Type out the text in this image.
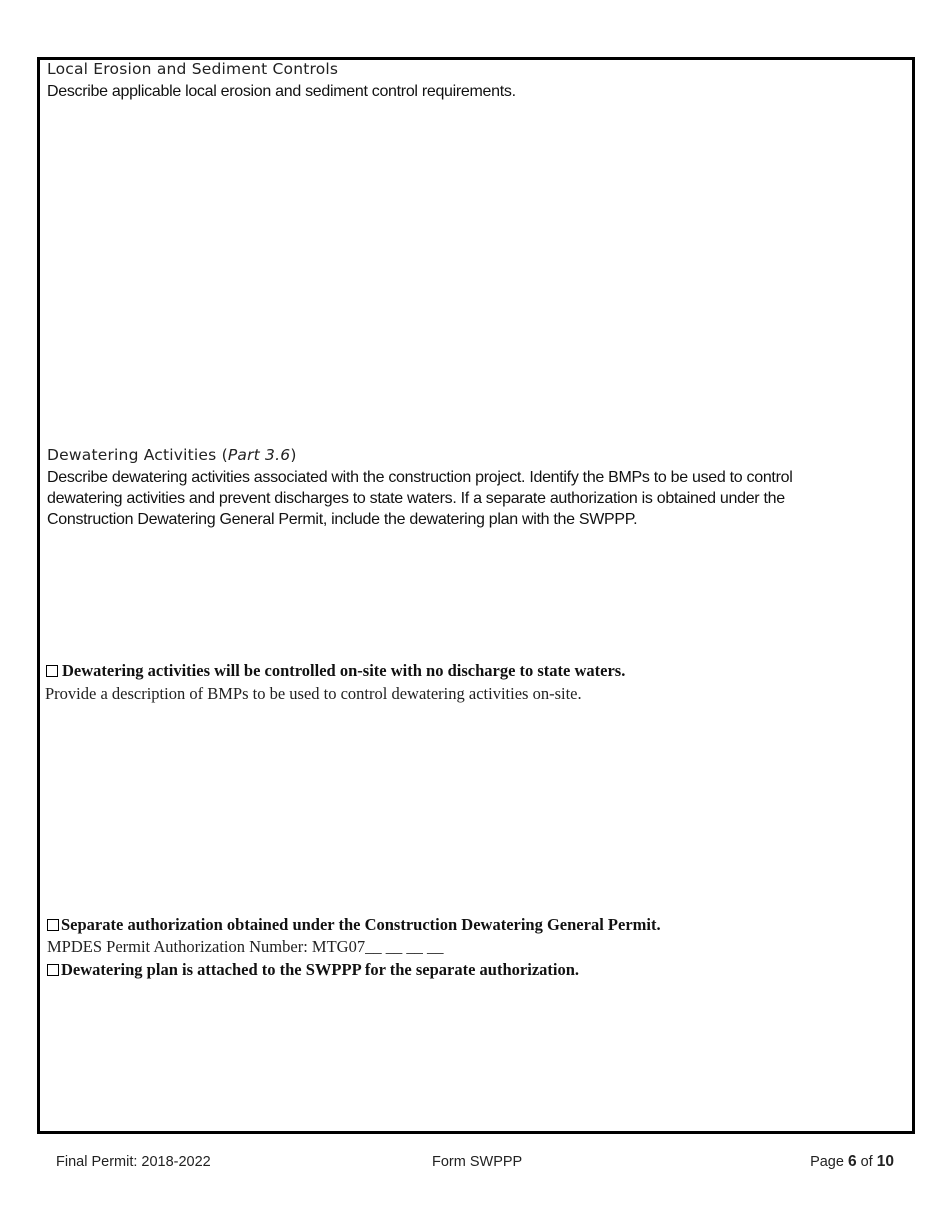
Local Erosion and Sediment Controls

Describe applicable local erosion and sediment control requirements.

Dewatering Activities (Part 3.6)

Describe dewatering activities associated with the construction project. Identify the BMPs to be used to control

dewatering activities and prevent discharges to state waters. If a separate authorization is obtained under the

Construction Dewatering General Permit, include the dewatering plan with the SWPPP.

Dewatering activities will be controlled on-site with no discharge to state waters.

Provide a description of BMPs to be used to control dewatering activities on-site.

Separate authorization obtained under the Construction Dewatering General Permit.

MPDES Permit Authorization Number: MTG07__ __ __ __

Dewatering plan is attached to the SWPPP for the separate authorization.

Final Permit: 2018-2022	Form SWPPP	Page 6 of 10
